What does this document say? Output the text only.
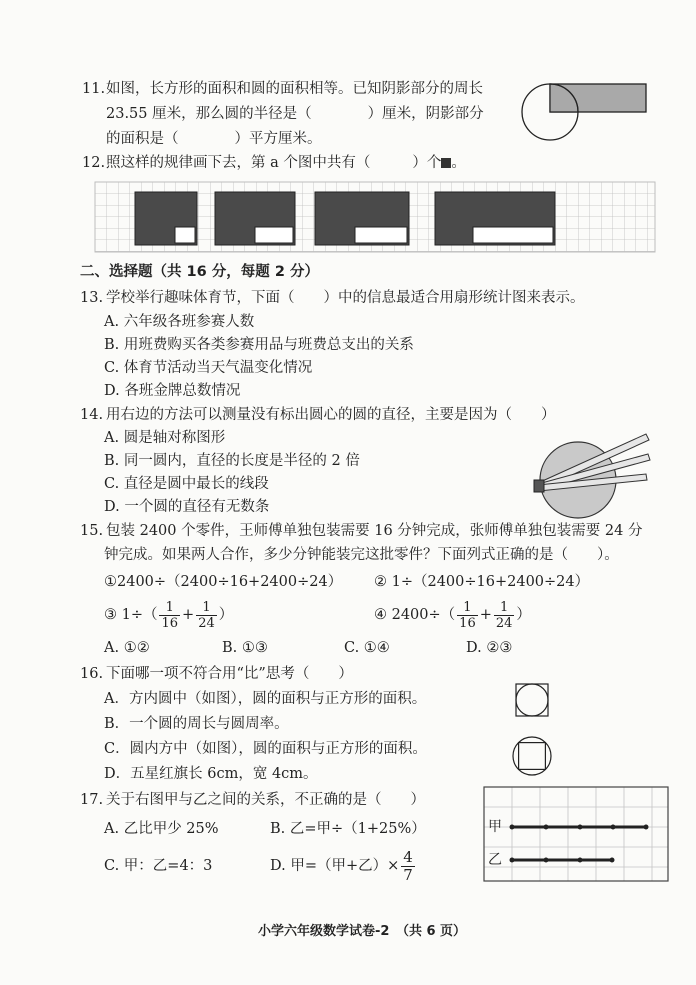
11. 如图，长方形的面积和圆的面积相等。已知阴影部分的周长
23.55 厘米，那么圆的半径是（	）厘米，阴影部分
的面积是（	）平方厘米。
12. 照这样的规律画下去，第 a 个图中共有（	）个 。
二、选择题（共 16 分，每题 2 分）
13. 学校举行趣味体育节，下面（　　）中的信息最适合用扇形统计图来表示。
A. 六年级各班参赛人数
B. 用班费购买各类参赛用品与班费总支出的关系
C. 体育节活动当天气温变化情况
D. 各班金牌总数情况
14. 用右边的方法可以测量没有标出圆心的圆的直径，主要是因为（　　）
A. 圆是轴对称图形
B. 同一圆内，直径的长度是半径的 2 倍
C. 直径是圆中最长的线段
D. 一个圆的直径有无数条
15. 包装 2400 个零件，王师傅单独包装需要 16 分钟完成，张师傅单独包装需要 24 分
钟完成。如果两人合作，多少分钟能装完这批零件？下面列式正确的是（　　）。
①2400÷（2400÷16+2400÷24） ② 1÷（2400÷16+2400÷24）
③ $1\div( \frac{1}{16} + \frac{1}{24}$ ）	④ $2400\div( \frac{1}{16} + \frac{1}{24}$ ）
A. ①②	B. ①③	C. ①④	D. ②③
16. 下面哪一项不符合用“比”思考（　　）
A．方内圆中（如图），圆的面积与正方形的面积。
B．一个圆的周长与圆周率。
C．圆内方中（如图），圆的面积与正方形的面积。
D．五星红旗长 6cm，宽 4cm。
17. 关于右图甲与乙之间的关系，不正确的是（　　）
A. 乙比甲少 25%	B. 乙=甲÷（1+25%）
C. 甲：乙=4：3	D. 甲=（甲+乙）× $\frac{4}{7}$
甲
乙
小学六年级数学试卷-2　（共 6 页）
